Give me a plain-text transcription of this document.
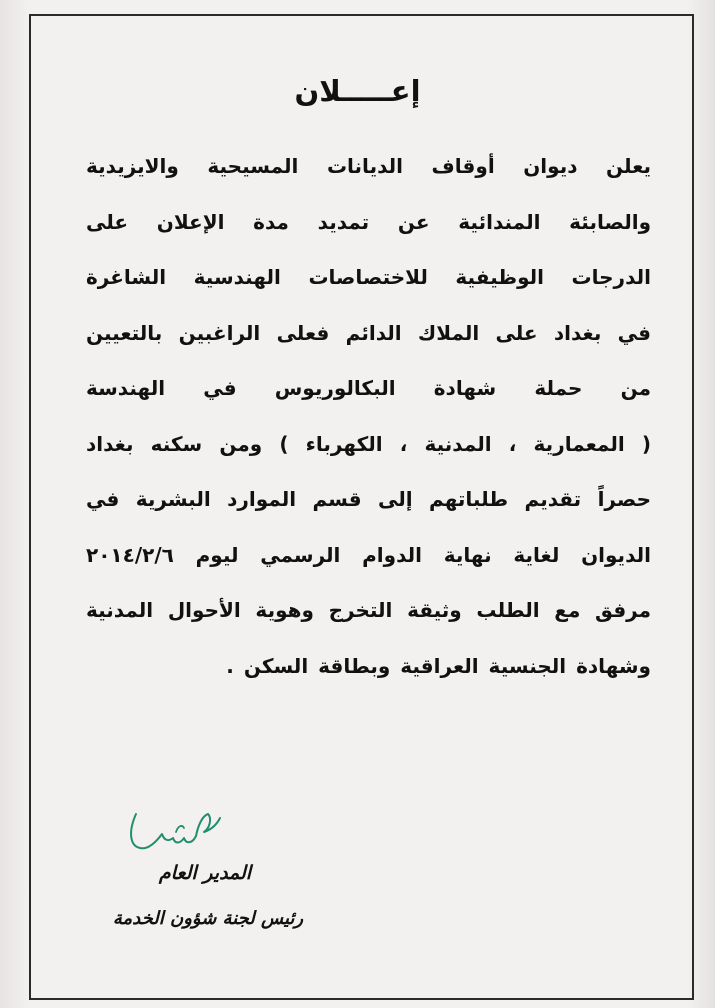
إعـــــلان
يعلن ديوان أوقاف الديانات المسيحية والايزيدية
والصابئة المندائية عن تمديد مدة الإعلان على
الدرجات الوظيفية للاختصاصات الهندسية الشاغرة
في بغداد على الملاك الدائم فعلى الراغبين بالتعيين
من حملة شهادة البكالوريوس في الهندسة
( المعمارية ، المدنية ، الكهرباء ) ومن سكنه بغداد
حصراً تقديم طلباتهم إلى قسم الموارد البشرية في
الديوان لغاية نهاية الدوام الرسمي ليوم ٢٠١٤/٢/٦
مرفق مع الطلب وثيقة التخرج وهوية الأحوال المدنية
وشهادة الجنسية العراقية وبطاقة السكن .
المدير العام
رئيس لجنة شؤون الخدمة
